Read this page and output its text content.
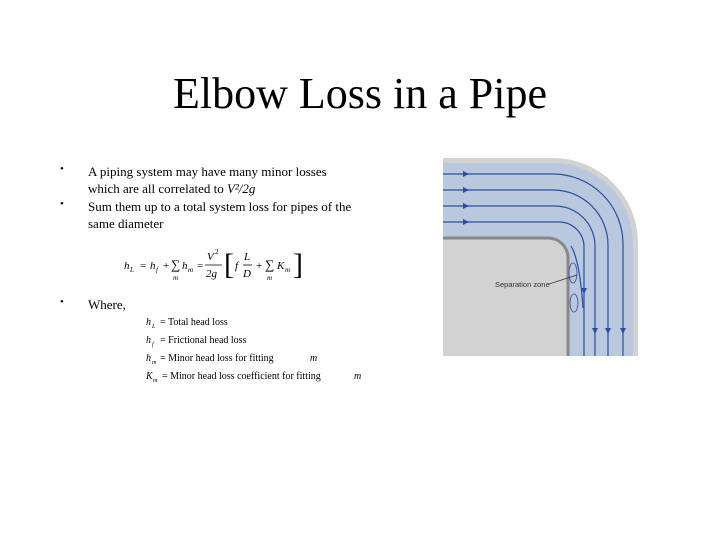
Elbow Loss in a Pipe
• A piping system may have many minor losses which are all correlated to V²/2g
• Sum them up to a total system loss for pipes of the same diameter
h L = h f + ∑
m
h m =
V 2
2g [ f
L
D
+ ∑
m
K m ]
• Where,
h L = Total head loss
h f = Frictional head loss
h m = Minor head loss for fitting	m
K m = Minor head loss coefficient for fitting	m
Separation zone
